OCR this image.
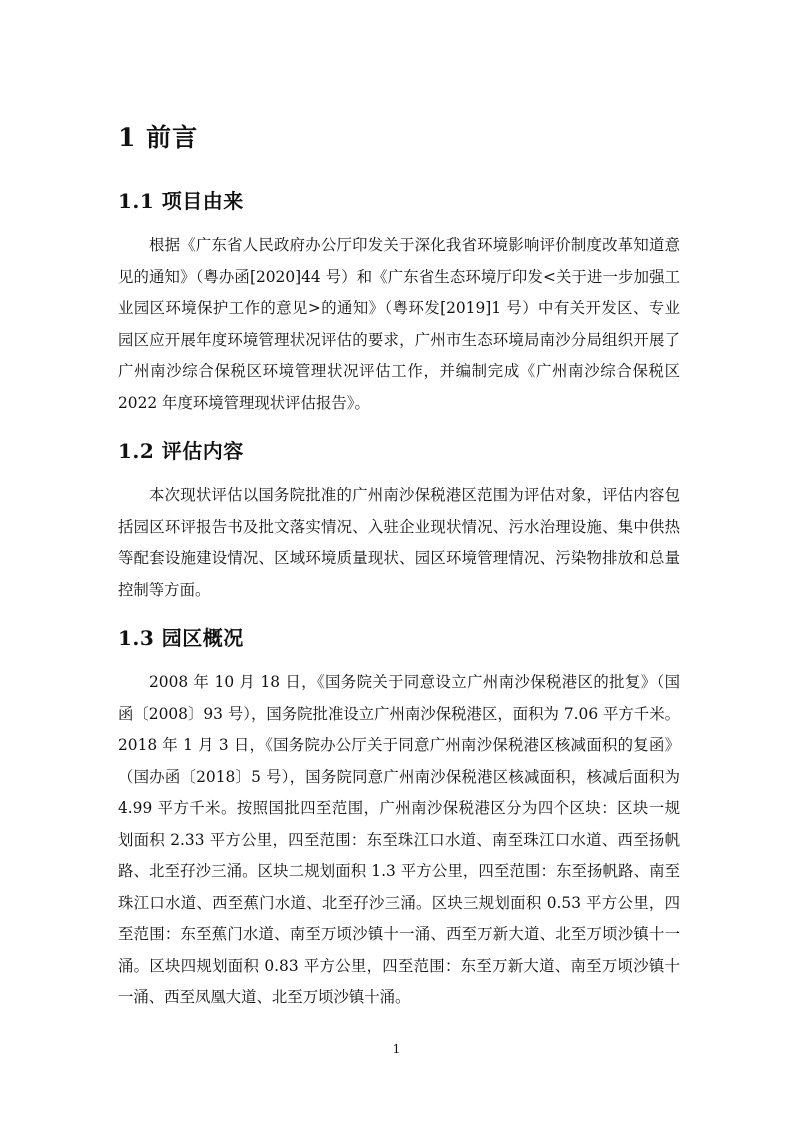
1 前言
1.1 项目由来

根据《广东省人民政府办公厅印发关于深化我省环境影响评价制度改革知道意见的通知》（粤办函[2020]44 号）和《广东省生态环境厅印发<关于进一步加强工业园区环境保护工作的意见>的通知》（粤环发[2019]1 号）中有关开发区、专业园区应开展年度环境管理状况评估的要求，广州市生态环境局南沙分局组织开展了广州南沙综合保税区环境管理状况评估工作，并编制完成《广州南沙综合保税区 2022 年度环境管理现状评估报告》。

1.2 评估内容

本次现状评估以国务院批准的广州南沙保税港区范围为评估对象，评估内容包括园区环评报告书及批文落实情况、入驻企业现状情况、污水治理设施、集中供热等配套设施建设情况、区域环境质量现状、园区环境管理情况、污染物排放和总量控制等方面。

1.3 园区概况

2008 年 10 月 18 日，《国务院关于同意设立广州南沙保税港区的批复》（国函〔2008〕93 号），国务院批准设立广州南沙保税港区，面积为 7.06 平方千米。2018 年 1 月 3 日，《国务院办公厅关于同意广州南沙保税港区核减面积的复函》（国办函〔2018〕5 号），国务院同意广州南沙保税港区核减面积，核减后面积为 4.99 平方千米。按照国批四至范围，广州南沙保税港区分为四个区块：区块一规划面积 2.33 平方公里，四至范围：东至珠江口水道、南至珠江口水道、西至扬帆路、北至孖沙三涌。区块二规划面积 1.3 平方公里，四至范围：东至扬帆路、南至珠江口水道、西至蕉门水道、北至孖沙三涌。区块三规划面积 0.53 平方公里，四至范围：东至蕉门水道、南至万顷沙镇十一涌、西至万新大道、北至万顷沙镇十一涌。区块四规划面积 0.83 平方公里，四至范围：东至万新大道、南至万顷沙镇十一涌、西至凤凰大道、北至万顷沙镇十涌。

1
